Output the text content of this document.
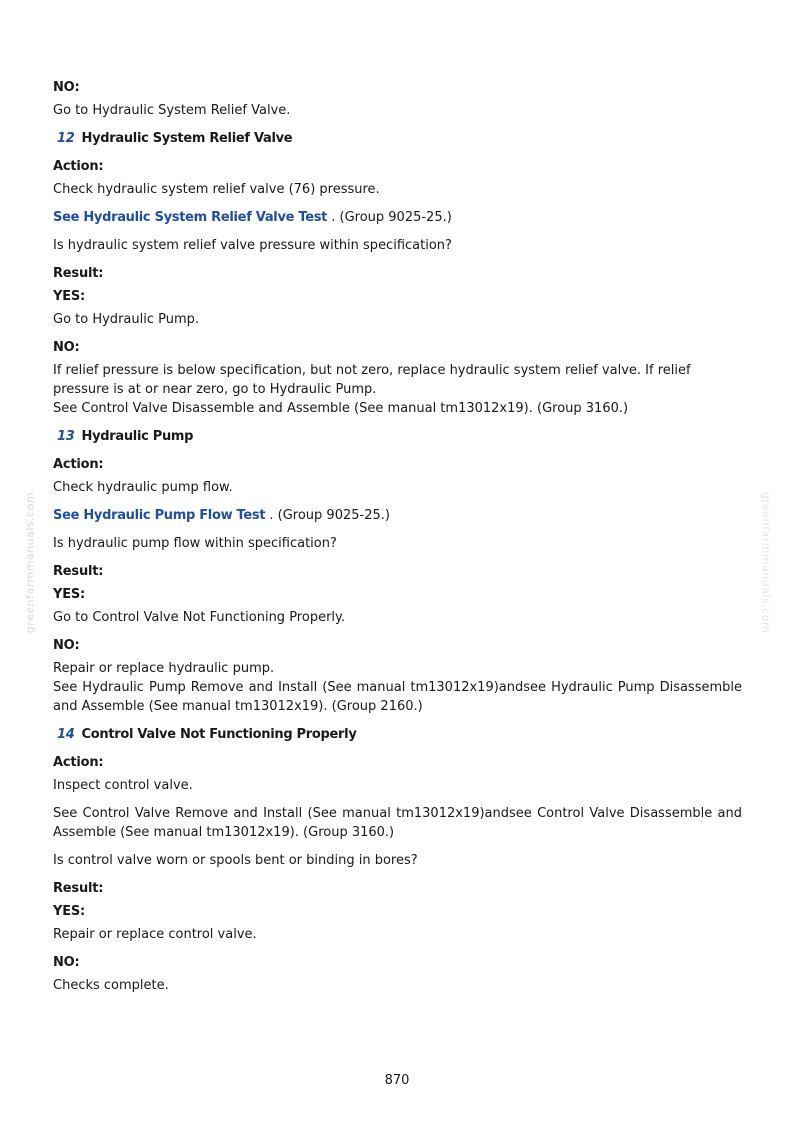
greenfarmmanuals.com	greenfarmmanuals.com

NO:

Go to Hydraulic System Relief Valve.

12 Hydraulic System Relief Valve

Action:

Check hydraulic system relief valve (76) pressure.

See Hydraulic System Relief Valve Test . (Group 9025-25.)

Is hydraulic system relief valve pressure within specification?

Result:

YES:

Go to Hydraulic Pump.

NO:

If relief pressure is below specification, but not zero, replace hydraulic system relief valve. If relief pressure is at or near zero, go to Hydraulic Pump.

See Control Valve Disassemble and Assemble (See manual tm13012x19). (Group 3160.)

13 Hydraulic Pump

Action:

Check hydraulic pump flow.

See Hydraulic Pump Flow Test . (Group 9025-25.)

Is hydraulic pump flow within specification?

Result:

YES:

Go to Control Valve Not Functioning Properly.

NO:

Repair or replace hydraulic pump.

See Hydraulic Pump Remove and Install (See manual tm13012x19)andsee Hydraulic Pump Disassemble and Assemble (See manual tm13012x19). (Group 2160.)

14 Control Valve Not Functioning Properly

Action:

Inspect control valve.

See Control Valve Remove and Install (See manual tm13012x19)andsee Control Valve Disassemble and Assemble (See manual tm13012x19). (Group 3160.)

Is control valve worn or spools bent or binding in bores?

Result:

YES:

Repair or replace control valve.

NO:

Checks complete.

870
